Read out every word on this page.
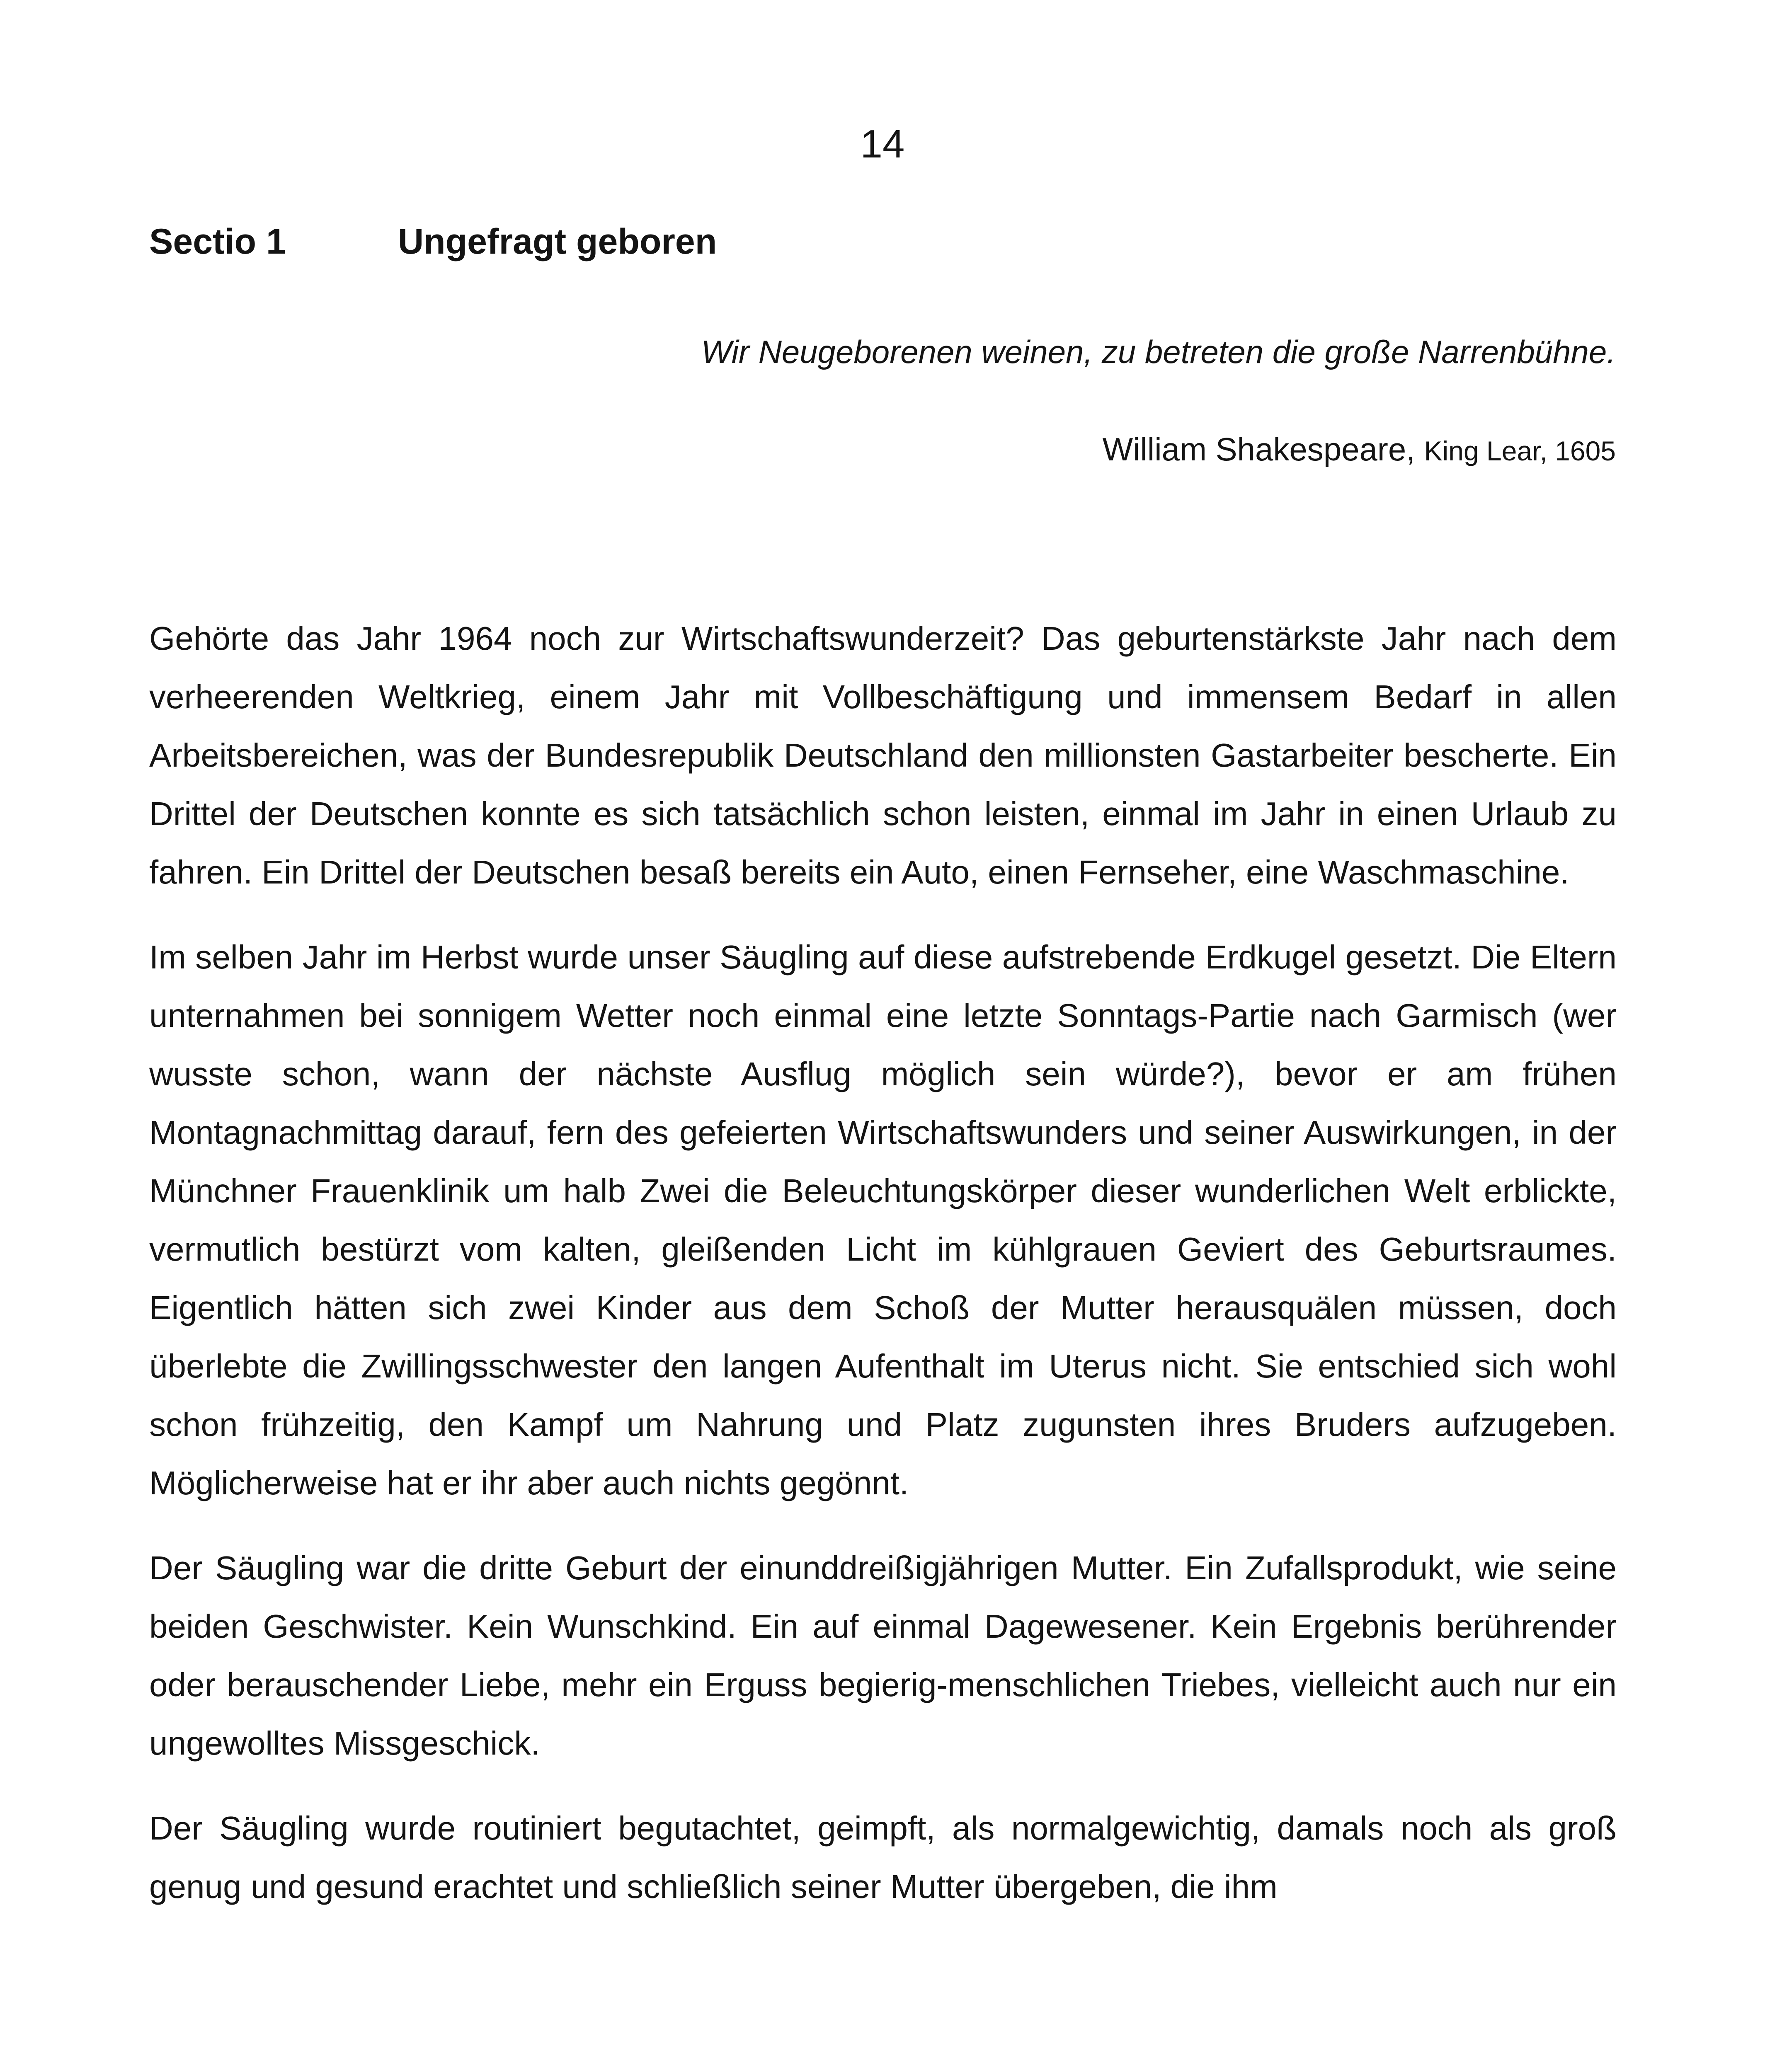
14
Sectio 1	Ungefragt geboren
Wir Neugeborenen weinen, zu betreten die große Narrenbühne.
William Shakespeare, King Lear, 1605

Gehörte das Jahr 1964 noch zur Wirtschaftswunderzeit? Das geburtenstärkste Jahr nach dem verheerenden Weltkrieg, einem Jahr mit Vollbeschäftigung und immensem Bedarf in allen Arbeitsbereichen, was der Bundesrepublik Deutschland den millionsten Gastarbeiter bescherte. Ein Drittel der Deutschen konnte es sich tatsächlich schon leisten, einmal im Jahr in einen Urlaub zu fahren. Ein Drittel der Deutschen besaß bereits ein Auto, einen Fernseher, eine Waschmaschine.

Im selben Jahr im Herbst wurde unser Säugling auf diese aufstrebende Erdkugel gesetzt. Die Eltern unternahmen bei sonnigem Wetter noch einmal eine letzte Sonntags-Partie nach Garmisch (wer wusste schon, wann der nächste Ausflug möglich sein würde?), bevor er am frühen Montagnachmittag darauf, fern des gefeierten Wirtschaftswunders und seiner Auswirkungen, in der Münchner Frauenklinik um halb Zwei die Beleuchtungskörper dieser wunderlichen Welt erblickte, vermutlich bestürzt vom kalten, gleißenden Licht im kühlgrauen Geviert des Geburtsraumes. Eigentlich hätten sich zwei Kinder aus dem Schoß der Mutter herausquälen müssen, doch überlebte die Zwillingsschwester den langen Aufenthalt im Uterus nicht. Sie entschied sich wohl schon frühzeitig, den Kampf um Nahrung und Platz zugunsten ihres Bruders aufzugeben. Möglicherweise hat er ihr aber auch nichts gegönnt.

Der Säugling war die dritte Geburt der einunddreißigjährigen Mutter. Ein Zufallsprodukt, wie seine beiden Geschwister. Kein Wunschkind. Ein auf einmal Dagewesener. Kein Ergebnis berührender oder berauschender Liebe, mehr ein Erguss begierig-menschlichen Triebes, vielleicht auch nur ein ungewolltes Missgeschick.

Der Säugling wurde routiniert begutachtet, geimpft, als normalgewichtig, damals noch als groß genug und gesund erachtet und schließlich seiner Mutter übergeben, die ihm
